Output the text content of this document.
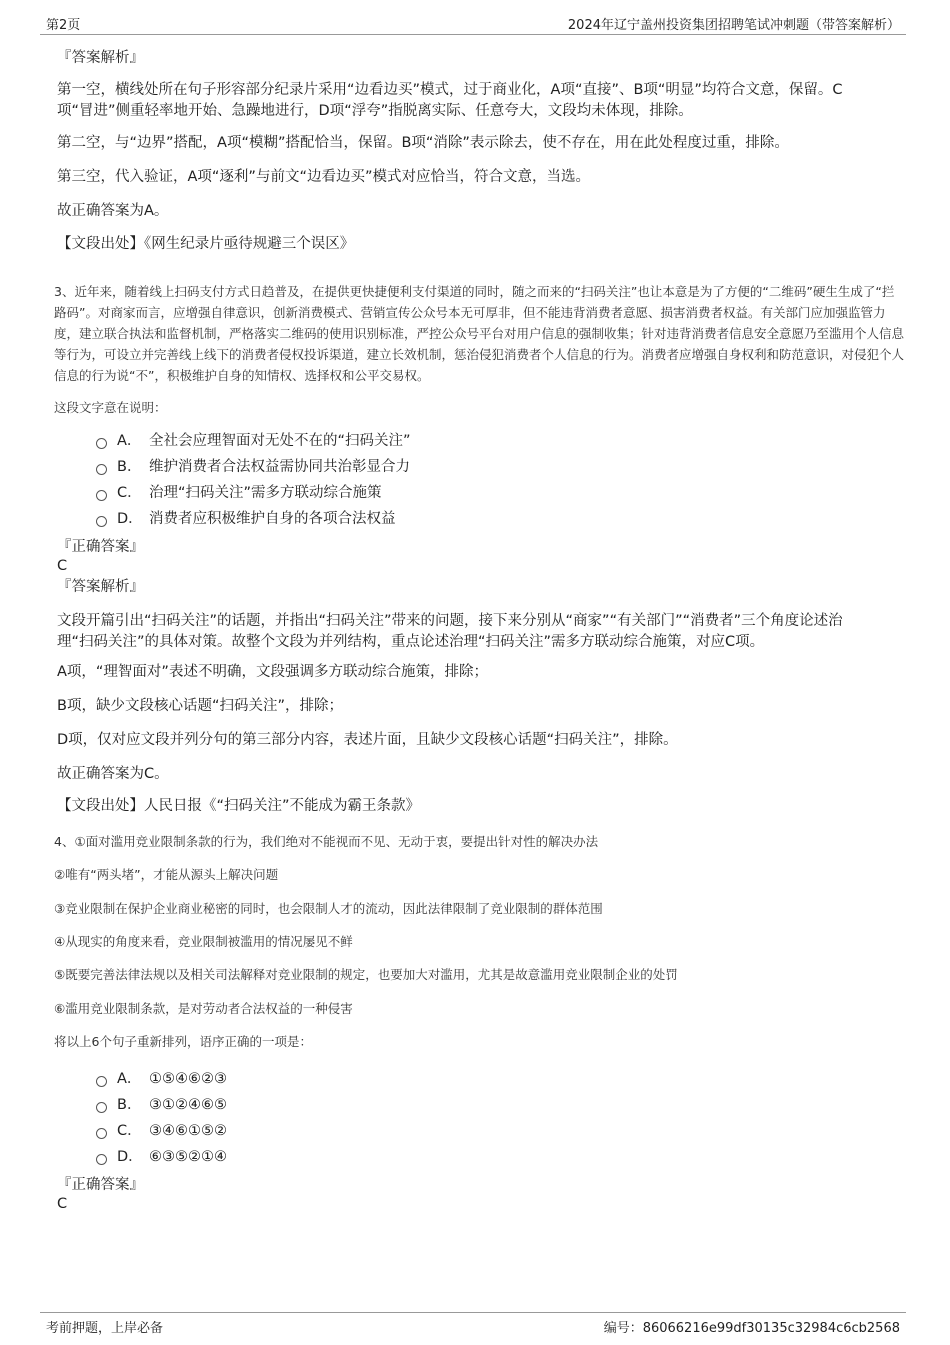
第2页	2024年辽宁盖州投资集团招聘笔试冲刺题（带答案解析）
『答案解析』
第一空，横线处所在句子形容部分纪录片采用“边看边买”模式，过于商业化，A项“直接”、B项“明显”均符合文意，保留。C项“冒进”侧重轻率地开始、急躁地进行，D项“浮夸”指脱离实际、任意夸大，文段均未体现，排除。
第二空，与“边界”搭配，A项“模糊”搭配恰当，保留。B项“消除”表示除去，使不存在，用在此处程度过重，排除。
第三空，代入验证，A项“逐利”与前文“边看边买”模式对应恰当，符合文意，当选。
故正确答案为A。
【文段出处】《网生纪录片亟待规避三个误区》
3、近年来，随着线上扫码支付方式日趋普及，在提供更快捷便利支付渠道的同时，随之而来的“扫码关注”也让本意是为了方便的“二维码”硬生生成了“拦路码”。对商家而言，应增强自律意识，创新消费模式、营销宣传公众号本无可厚非，但不能违背消费者意愿、损害消费者权益。有关部门应加强监管力度，建立联合执法和监督机制，严格落实二维码的使用识别标准，严控公众号平台对用户信息的强制收集；针对违背消费者信息安全意愿乃至滥用个人信息等行为，可设立并完善线上线下的消费者侵权投诉渠道，建立长效机制，惩治侵犯消费者个人信息的行为。消费者应增强自身权利和防范意识，对侵犯个人信息的行为说“不”，积极维护自身的知情权、选择权和公平交易权。
这段文字意在说明：
A． 全社会应理智面对无处不在的“扫码关注”
B． 维护消费者合法权益需协同共治彰显合力
C． 治理“扫码关注”需多方联动综合施策
D． 消费者应积极维护自身的各项合法权益
『正确答案』
C
『答案解析』
文段开篇引出“扫码关注”的话题，并指出“扫码关注”带来的问题，接下来分别从“商家”“有关部门”“消费者”三个角度论述治理“扫码关注”的具体对策。故整个文段为并列结构，重点论述治理“扫码关注”需多方联动综合施策，对应C项。
A项，“理智面对”表述不明确，文段强调多方联动综合施策，排除；
B项，缺少文段核心话题“扫码关注”，排除；
D项，仅对应文段并列分句的第三部分内容，表述片面，且缺少文段核心话题“扫码关注”，排除。
故正确答案为C。
【文段出处】人民日报《“扫码关注”不能成为霸王条款》
4、①面对滥用竞业限制条款的行为，我们绝对不能视而不见、无动于衷，要提出针对性的解决办法
②唯有“两头堵”，才能从源头上解决问题
③竞业限制在保护企业商业秘密的同时，也会限制人才的流动，因此法律限制了竞业限制的群体范围
④从现实的角度来看，竞业限制被滥用的情况屡见不鲜
⑤既要完善法律法规以及相关司法解释对竞业限制的规定，也要加大对滥用，尤其是故意滥用竞业限制企业的处罚
⑥滥用竞业限制条款，是对劳动者合法权益的一种侵害
将以上6个句子重新排列，语序正确的一项是：
A． ①⑤④⑥②③
B． ③①②④⑥⑤
C． ③④⑥①⑤②
D． ⑥③⑤②①④
『正确答案』
C
考前押题，上岸必备	编号：86066216e99df30135c32984c6cb2568
